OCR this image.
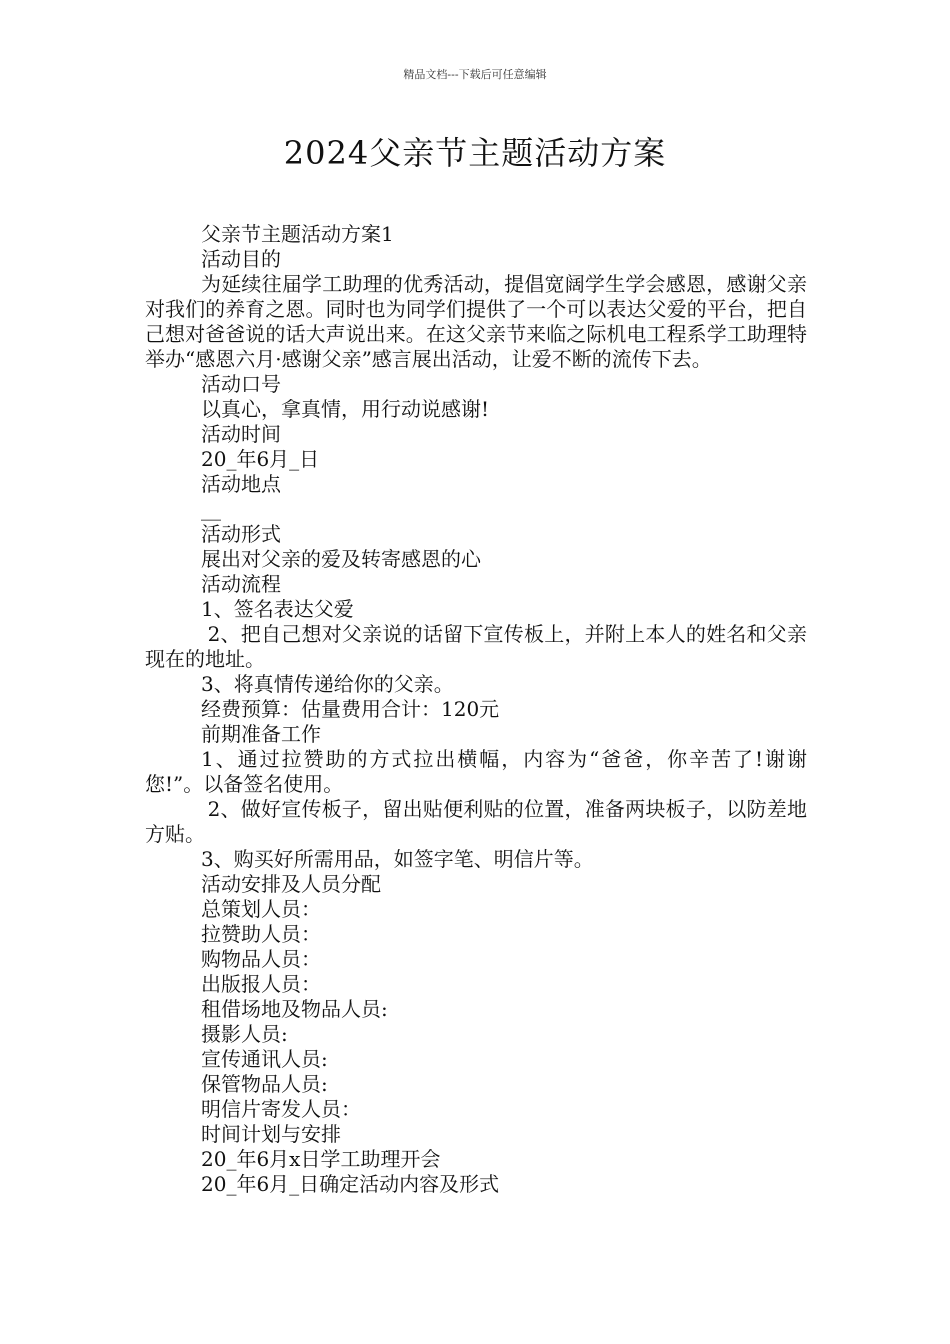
精品文档---下载后可任意编辑
2024父亲节主题活动方案

父亲节主题活动方案1

活动目的

为延续往届学工助理的优秀活动，提倡宽阔学生学会感恩，感谢父亲对我们的养育之恩。同时也为同学们提供了一个可以表达父爱的平台，把自己想对爸爸说的话大声说出来。在这父亲节来临之际机电工程系学工助理特举办“感恩六月·感谢父亲”感言展出活动，让爱不断的流传下去。

活动口号

以真心，拿真情，用行动说感谢!

活动时间

20_年6月_日

活动地点

__

活动形式

展出对父亲的爱及转寄感恩的心

活动流程

1、签名表达父爱

2、把自己想对父亲说的话留下宣传板上，并附上本人的姓名和父亲现在的地址。

3、将真情传递给你的父亲。

经费预算：估量费用合计：120元

前期准备工作

1、通过拉赞助的方式拉出横幅，内容为“爸爸，你辛苦了!谢谢您!”。以备签名使用。

2、做好宣传板子，留出贴便利贴的位置，准备两块板子，以防差地方贴。

3、购买好所需用品，如签字笔、明信片等。

活动安排及人员分配

总策划人员：

拉赞助人员：

购物品人员：

出版报人员：

租借场地及物品人员:

摄影人员:

宣传通讯人员:

保管物品人员:

明信片寄发人员：

时间计划与安排

20_年6月x日学工助理开会

20_年6月_日确定活动内容及形式
